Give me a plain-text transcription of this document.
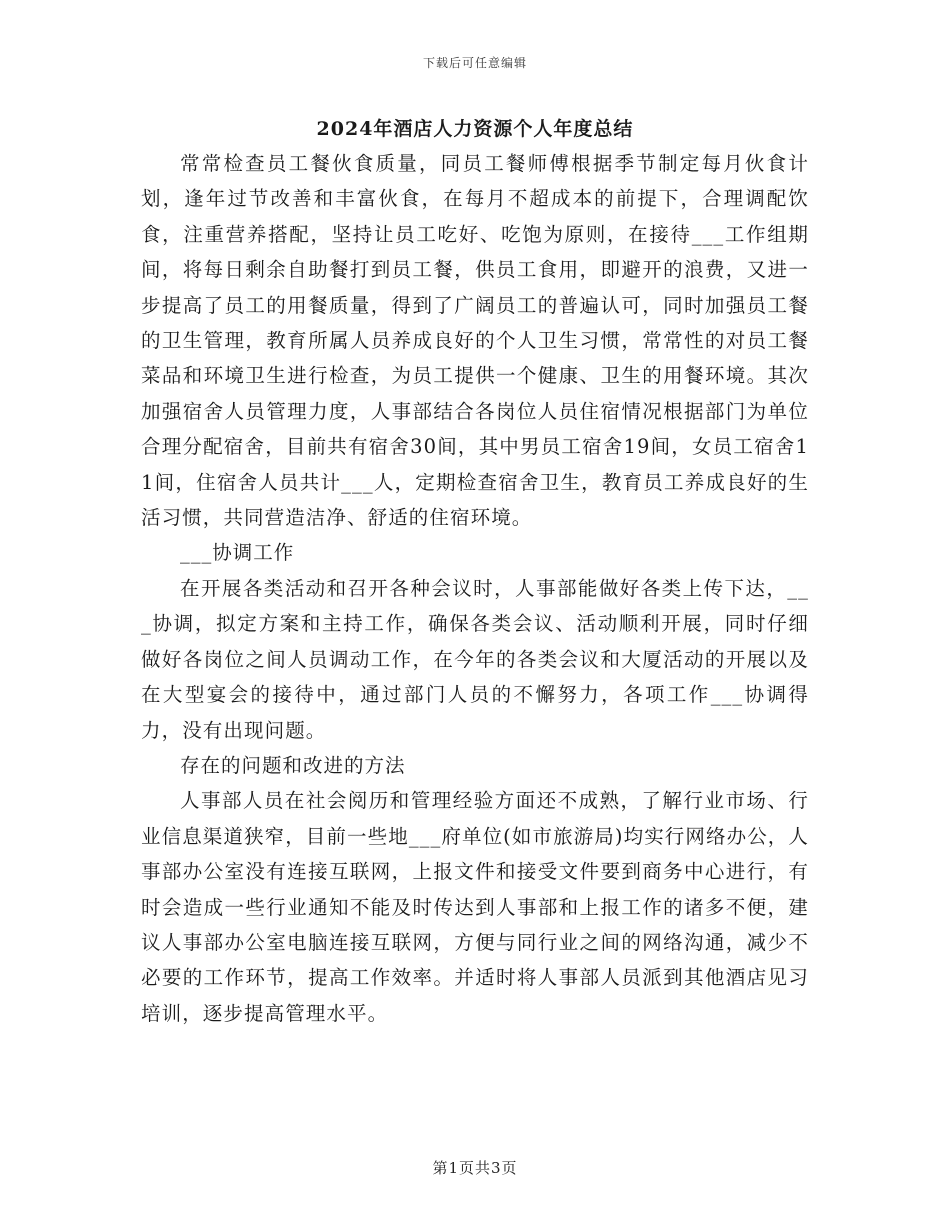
下载后可任意编辑
2024年酒店人力资源个人年度总结

常常检查员工餐伙食质量，同员工餐师傅根据季节制定每月伙食计划，逢年过节改善和丰富伙食，在每月不超成本的前提下，合理调配饮食，注重营养搭配，坚持让员工吃好、吃饱为原则，在接待___工作组期间，将每日剩余自助餐打到员工餐，供员工食用，即避开的浪费，又进一步提高了员工的用餐质量，得到了广阔员工的普遍认可，同时加强员工餐的卫生管理，教育所属人员养成良好的个人卫生习惯，常常性的对员工餐菜品和环境卫生进行检查，为员工提供一个健康、卫生的用餐环境。其次加强宿舍人员管理力度，人事部结合各岗位人员住宿情况根据部门为单位合理分配宿舍，目前共有宿舍30间，其中男员工宿舍19间，女员工宿舍11间，住宿舍人员共计___人，定期检查宿舍卫生，教育员工养成良好的生活习惯，共同营造洁净、舒适的住宿环境。

___协调工作

在开展各类活动和召开各种会议时，人事部能做好各类上传下达，___协调，拟定方案和主持工作，确保各类会议、活动顺利开展，同时仔细做好各岗位之间人员调动工作，在今年的各类会议和大厦活动的开展以及在大型宴会的接待中，通过部门人员的不懈努力，各项工作___协调得力，没有出现问题。

存在的问题和改进的方法

人事部人员在社会阅历和管理经验方面还不成熟，了解行业市场、行业信息渠道狭窄，目前一些地___府单位(如市旅游局)均实行网络办公，人事部办公室没有连接互联网，上报文件和接受文件要到商务中心进行，有时会造成一些行业通知不能及时传达到人事部和上报工作的诸多不便，建议人事部办公室电脑连接互联网，方便与同行业之间的网络沟通，减少不必要的工作环节，提高工作效率。并适时将人事部人员派到其他酒店见习培训，逐步提高管理水平。

第1页共3页
